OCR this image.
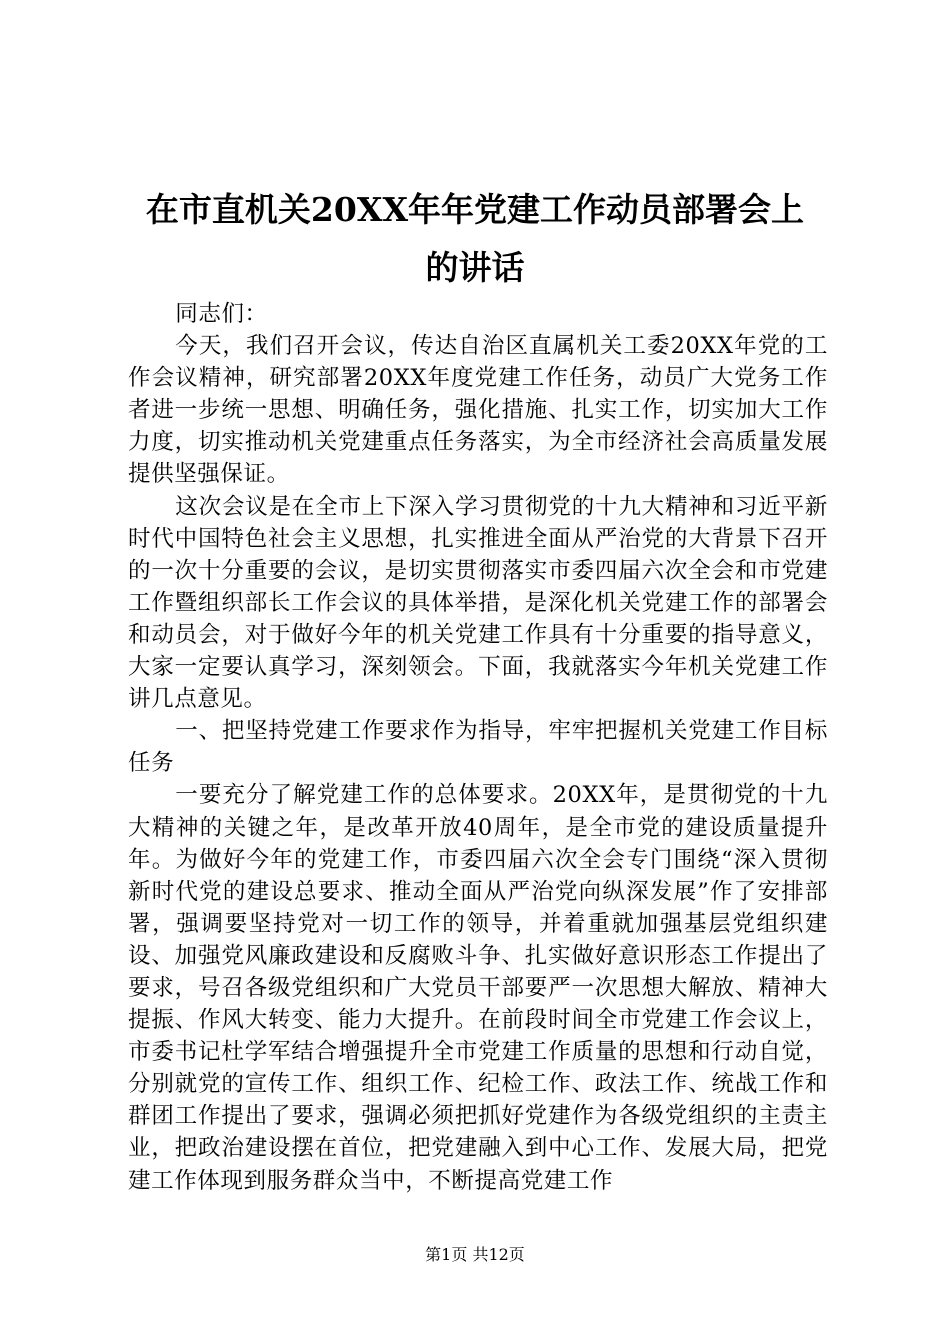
在市直机关20XX年年党建工作动员部署会上
的讲话

同志们：

今天，我们召开会议，传达自治区直属机关工委20XX年党的工作会议精神，研究部署20XX年度党建工作任务，动员广大党务工作者进一步统一思想、明确任务，强化措施、扎实工作，切实加大工作力度，切实推动机关党建重点任务落实，为全市经济社会高质量发展提供坚强保证。

这次会议是在全市上下深入学习贯彻党的十九大精神和习近平新时代中国特色社会主义思想，扎实推进全面从严治党的大背景下召开的一次十分重要的会议，是切实贯彻落实市委四届六次全会和市党建工作暨组织部长工作会议的具体举措，是深化机关党建工作的部署会和动员会，对于做好今年的机关党建工作具有十分重要的指导意义，大家一定要认真学习，深刻领会。下面，我就落实今年机关党建工作讲几点意见。

一、把坚持党建工作要求作为指导，牢牢把握机关党建工作目标任务

一要充分了解党建工作的总体要求。20XX年，是贯彻党的十九大精神的关键之年，是改革开放40周年，是全市党的建设质量提升年。为做好今年的党建工作，市委四届六次全会专门围绕“深入贯彻新时代党的建设总要求、推动全面从严治党向纵深发展”作了安排部署，强调要坚持党对一切工作的领导，并着重就加强基层党组织建设、加强党风廉政建设和反腐败斗争、扎实做好意识形态工作提出了要求，号召各级党组织和广大党员干部要严一次思想大解放、精神大提振、作风大转变、能力大提升。在前段时间全市党建工作会议上，市委书记杜学军结合增强提升全市党建工作质量的思想和行动自觉，分别就党的宣传工作、组织工作、纪检工作、政法工作、统战工作和群团工作提出了要求，强调必须把抓好党建作为各级党组织的主责主业，把政治建设摆在首位，把党建融入到中心工作、发展大局，把党建工作体现到服务群众当中，不断提高党建工作

第1页 共12页
